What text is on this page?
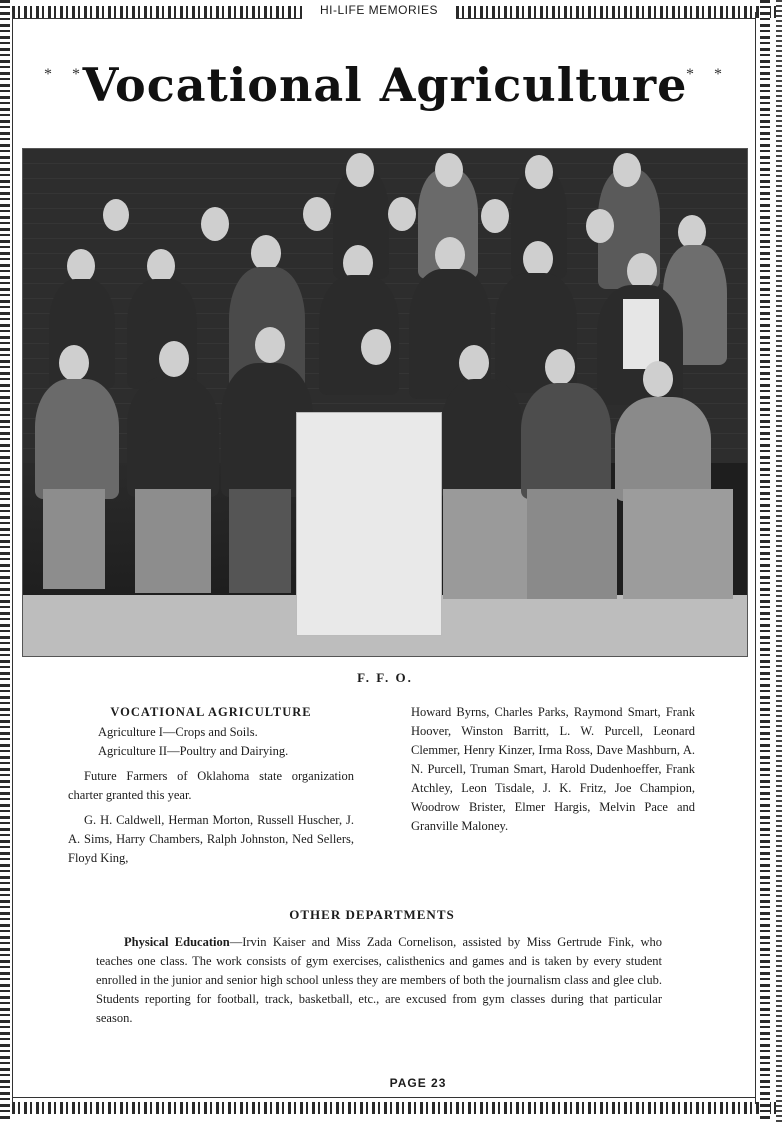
HI-LIFE MEMORIES
* *
Vocational Agriculture
* *
F. F. O.
VOCATIONAL AGRICULTURE
Agriculture I—Crops and Soils.
Agriculture II—Poultry and Dairying.
Future Farmers of Oklahoma state organization charter granted this year.
G. H. Caldwell, Herman Morton, Russell Huscher, J. A. Sims, Harry Chambers, Ralph Johnston, Ned Sellers, Floyd King,
Howard Byrns, Charles Parks, Raymond Smart, Frank Hoover, Winston Barritt, L. W. Purcell, Leonard Clemmer, Henry Kinzer, Irma Ross, Dave Mashburn, A. N. Purcell, Truman Smart, Harold Dudenhoeffer, Frank Atchley, Leon Tisdale, J. K. Fritz, Joe Champion, Woodrow Brister, Elmer Hargis, Melvin Pace and Granville Maloney.
OTHER DEPARTMENTS
Physical Education—Irvin Kaiser and Miss Zada Cornelison, assisted by Miss Gertrude Fink, who teaches one class. The work consists of gym exercises, calisthenics and games and is taken by every student enrolled in the junior and senior high school unless they are members of both the journalism class and glee club. Students reporting for football, track, basketball, etc., are excused from gym classes during that particular season.
PAGE 23
